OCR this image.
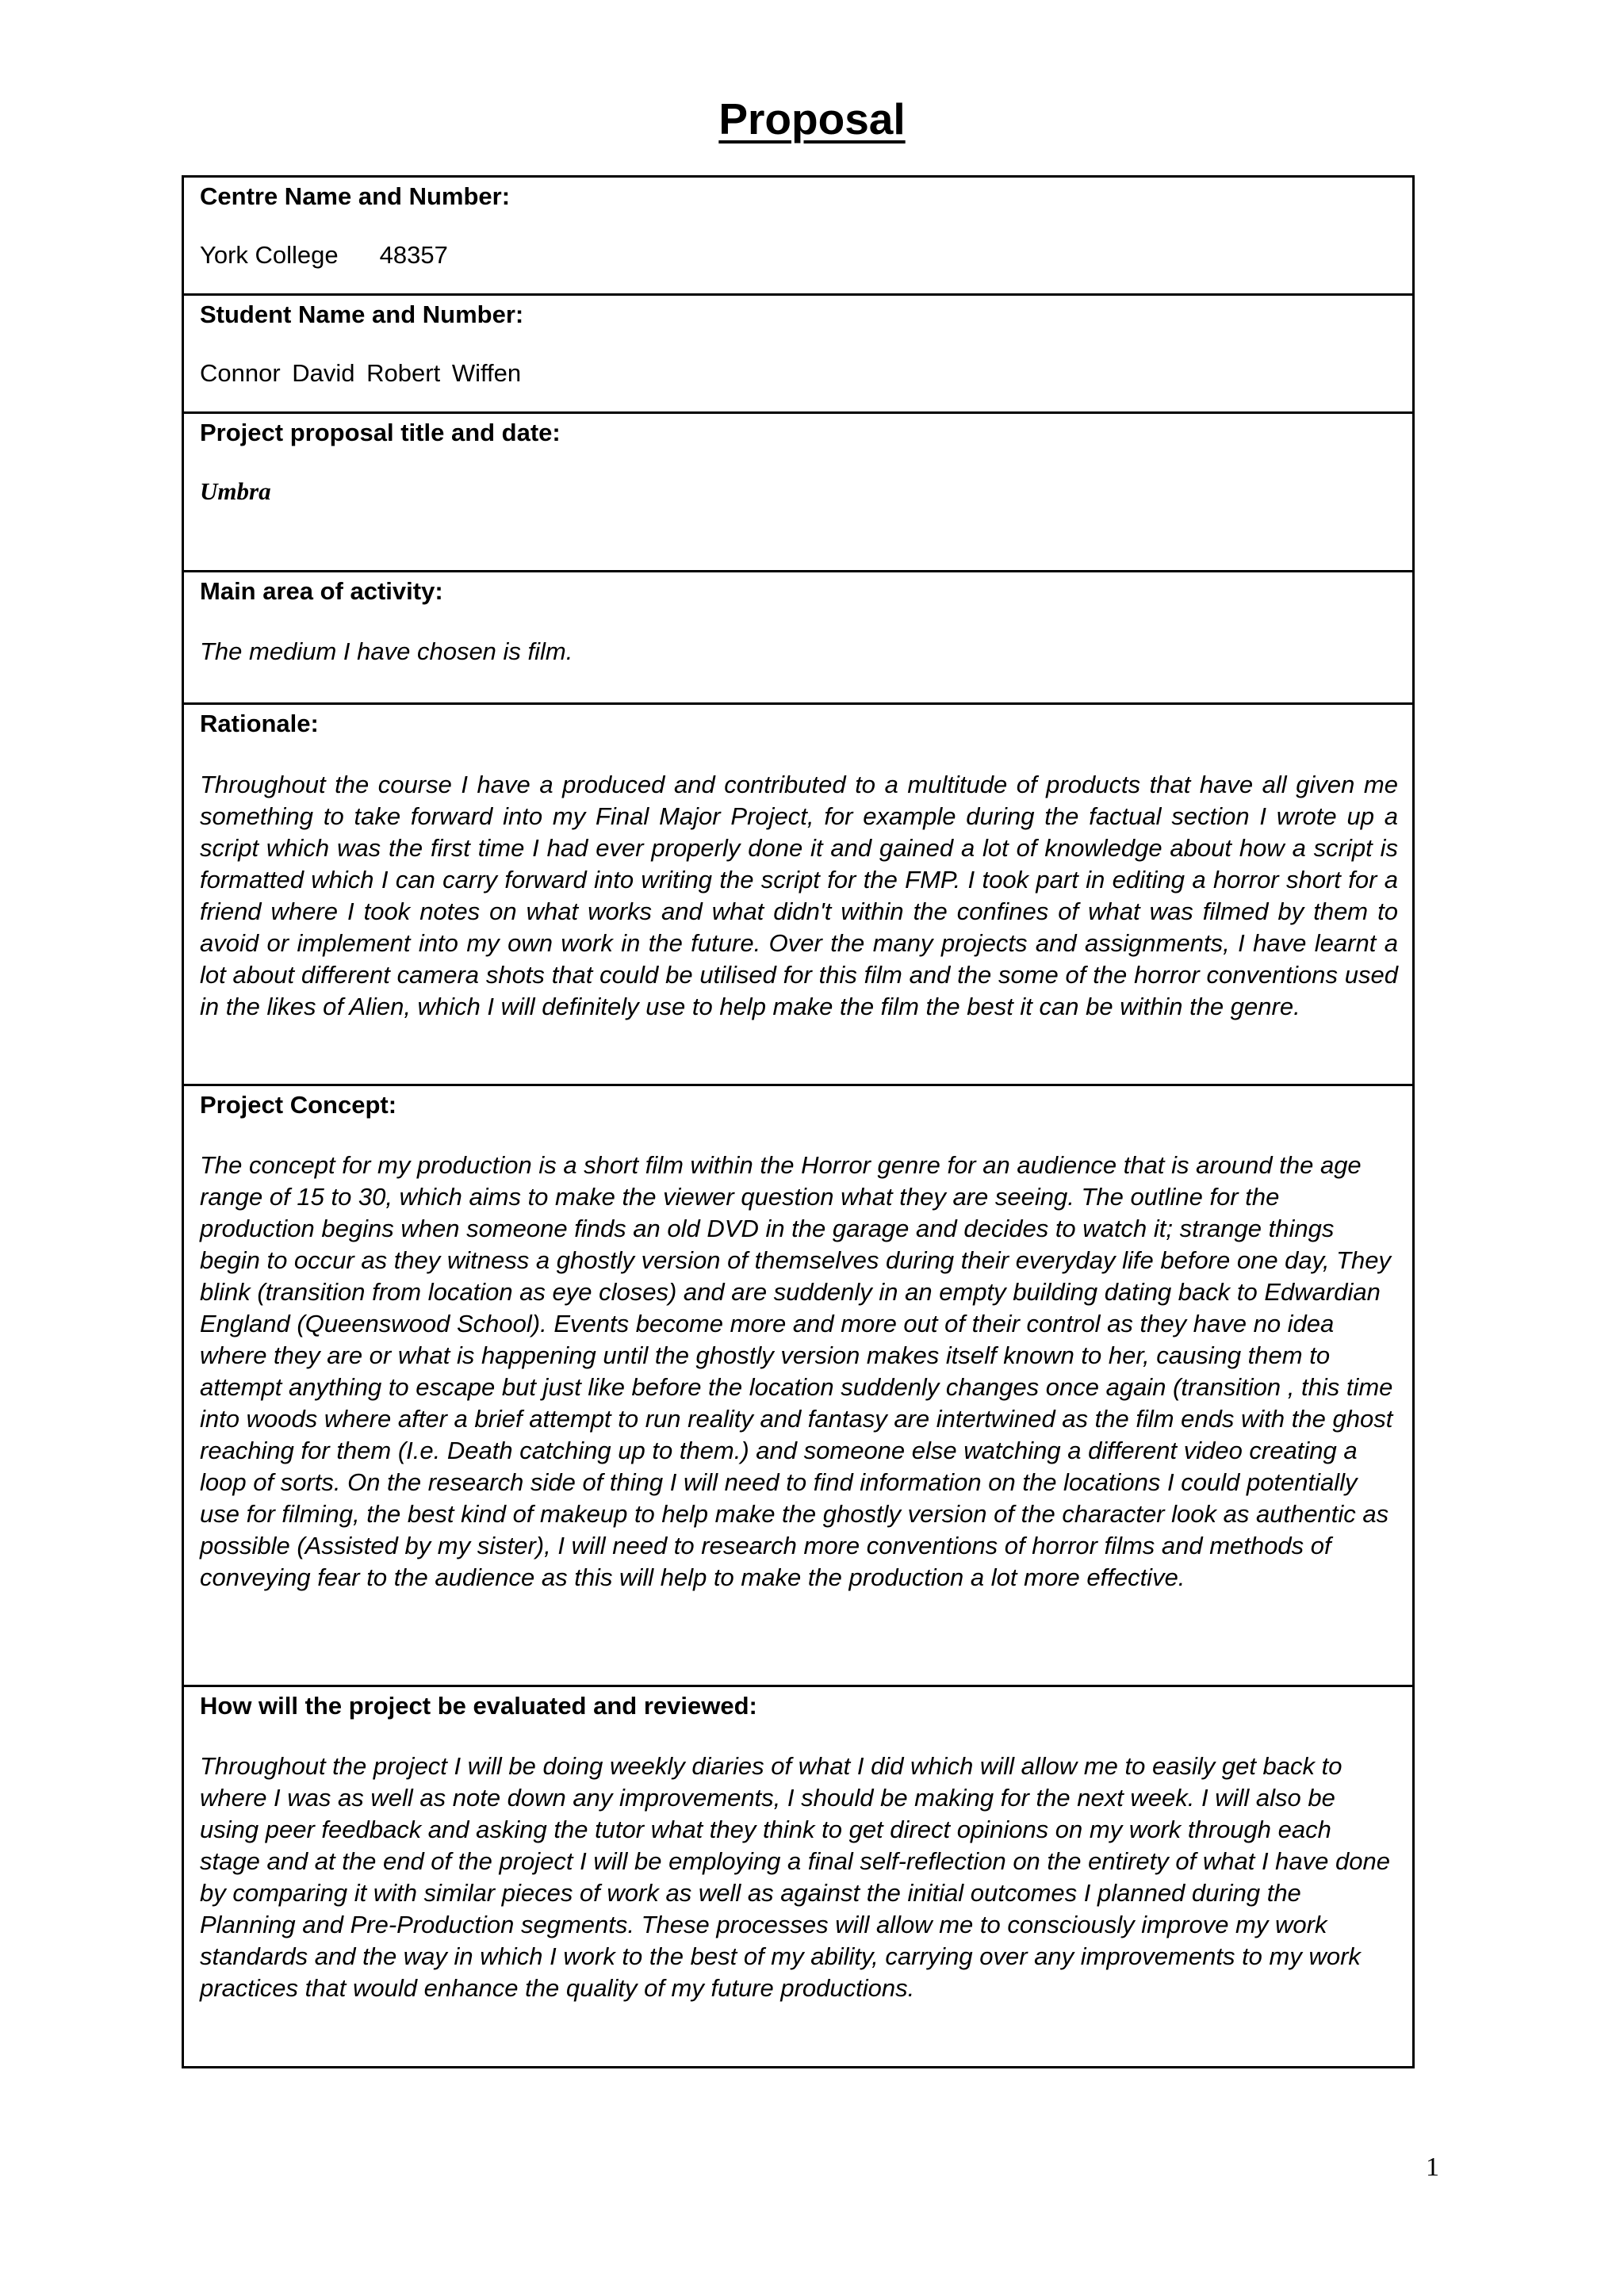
Proposal

Centre Name and Number:

York College 48357

Student Name and Number:

Connor David Robert Wiffen

Project proposal title and date:

Umbra

Main area of activity:

The medium I have chosen is film.

Rationale:

Throughout the course I have a produced and contributed to a multitude of products that have all given me something to take forward into my Final Major Project, for example during the factual section I wrote up a script which was the first time I had ever properly done it and gained a lot of knowledge about how a script is formatted which I can carry forward into writing the script for the FMP. I took part in editing a horror short for a friend where I took notes on what works and what didn't within the confines of what was filmed by them to avoid or implement into my own work in the future. Over the many projects and assignments, I have learnt a lot about different camera shots that could be utilised for this film and the some of the horror conventions used in the likes of Alien, which I will definitely use to help make the film the best it can be within the genre.

Project Concept:

The concept for my production is a short film within the Horror genre for an audience that is around the age range of 15 to 30, which aims to make the viewer question what they are seeing. The outline for the production begins when someone finds an old DVD in the garage and decides to watch it; strange things begin to occur as they witness a ghostly version of themselves during their everyday life before one day, They blink (transition from location as eye closes) and are suddenly in an empty building dating back to Edwardian England (Queenswood School). Events become more and more out of their control as they have no idea where they are or what is happening until the ghostly version makes itself known to her, causing them to attempt anything to escape but just like before the location suddenly changes once again (transition , this time into woods where after a brief attempt to run reality and fantasy are intertwined as the film ends with the ghost reaching for them (I.e. Death catching up to them.) and someone else watching a different video creating a loop of sorts. On the research side of thing I will need to find information on the locations I could potentially use for filming, the best kind of makeup to help make the ghostly version of the character look as authentic as possible (Assisted by my sister), I will need to research more conventions of horror films and methods of conveying fear to the audience as this will help to make the production a lot more effective.

How will the project be evaluated and reviewed:

Throughout the project I will be doing weekly diaries of what I did which will allow me to easily get back to where I was as well as note down any improvements, I should be making for the next week. I will also be using peer feedback and asking the tutor what they think to get direct opinions on my work through each stage and at the end of the project I will be employing a final self-reflection on the entirety of what I have done by comparing it with similar pieces of work as well as against the initial outcomes I planned during the Planning and Pre-Production segments. These processes will allow me to consciously improve my work standards and the way in which I work to the best of my ability, carrying over any improvements to my work practices that would enhance the quality of my future productions.

1
